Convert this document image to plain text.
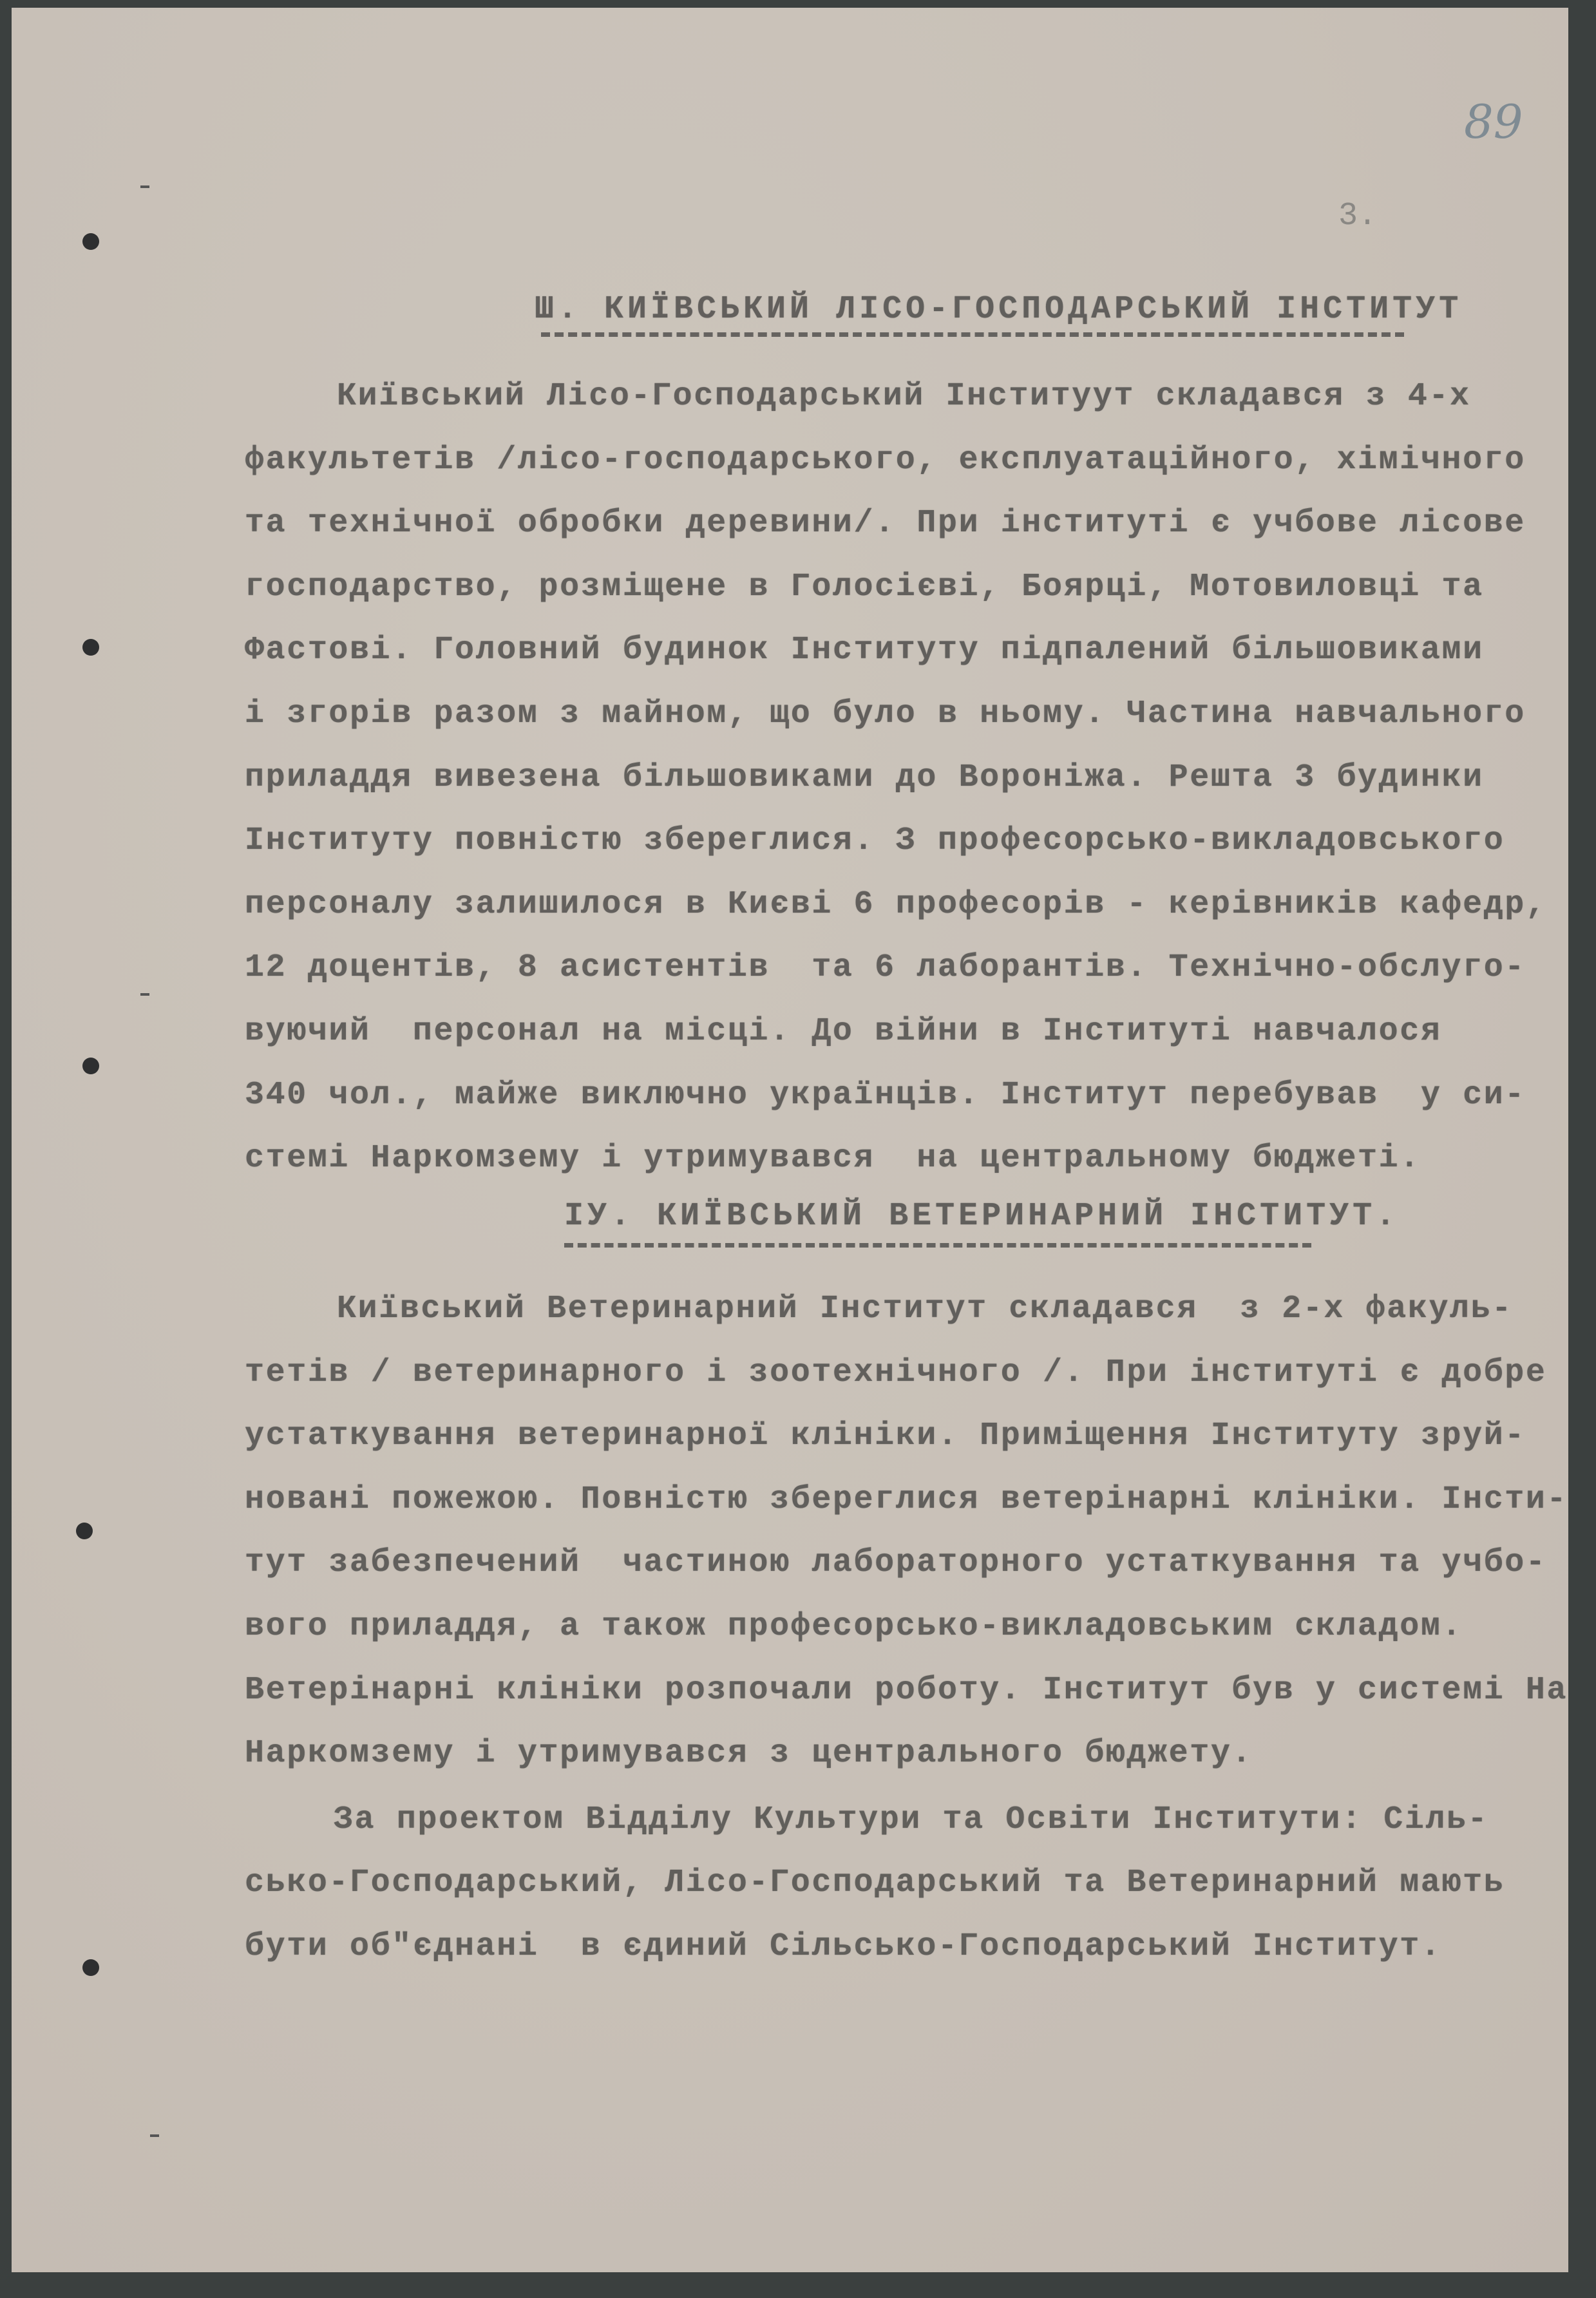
89
3.
Ш. КИЇВСЬКИЙ ЛІСО-ГОСПОДАРСЬКИЙ ІНСТИТУТ
Київський Лісо-Господарський Інституут складався з 4-х
факультетів /лісо-господарського, експлуатаційного, хімічного
та технічної обробки деревини/. При інституті є учбове лісове
господарство, розміщене в Голосієві, Боярці, Мотовиловці та
Фастові. Головний будинок Інституту підпалений більшовиками
і згорів разом з майном, що було в ньому. Частина навчального
приладдя вивезена більшовиками до Вороніжа. Решта 3 будинки
Інституту повністю збереглися. З професорсько-викладовського
персоналу залишилося в Києві 6 професорів - керівників кафедр,
12 доцентів, 8 асистентів  та 6 лаборантів. Технічно-обслуго-
вуючий  персонал на місці. До війни в Інституті навчалося
340 чол., майже виключно українців. Інститут перебував  у си-
стемі Наркомзему і утримувався  на центральному бюджеті.
ІУ. КИЇВСЬКИЙ ВЕТЕРИНАРНИЙ ІНСТИТУТ.
Київський Ветеринарний Інститут складався  з 2-х факуль-
тетів / ветеринарного і зоотехнічного /. При інституті є добре
устаткування ветеринарної клініки. Приміщення Інституту зруй-
новані пожежою. Повністю збереглися ветерінарні клініки. Інсти-
тут забезпечений  частиною лабораторного устаткування та учбо-
вого приладдя, а також професорсько-викладовським складом.
Ветерінарні клініки розпочали роботу. Інститут був у системі На
Наркомзему і утримувався з центрального бюджету.
За проектом Відділу Культури та Освіти Інститути: Сіль-
сько-Господарський, Лісо-Господарський та Ветеринарний мають
бути об"єднані  в єдиний Сільсько-Господарський Інститут.
